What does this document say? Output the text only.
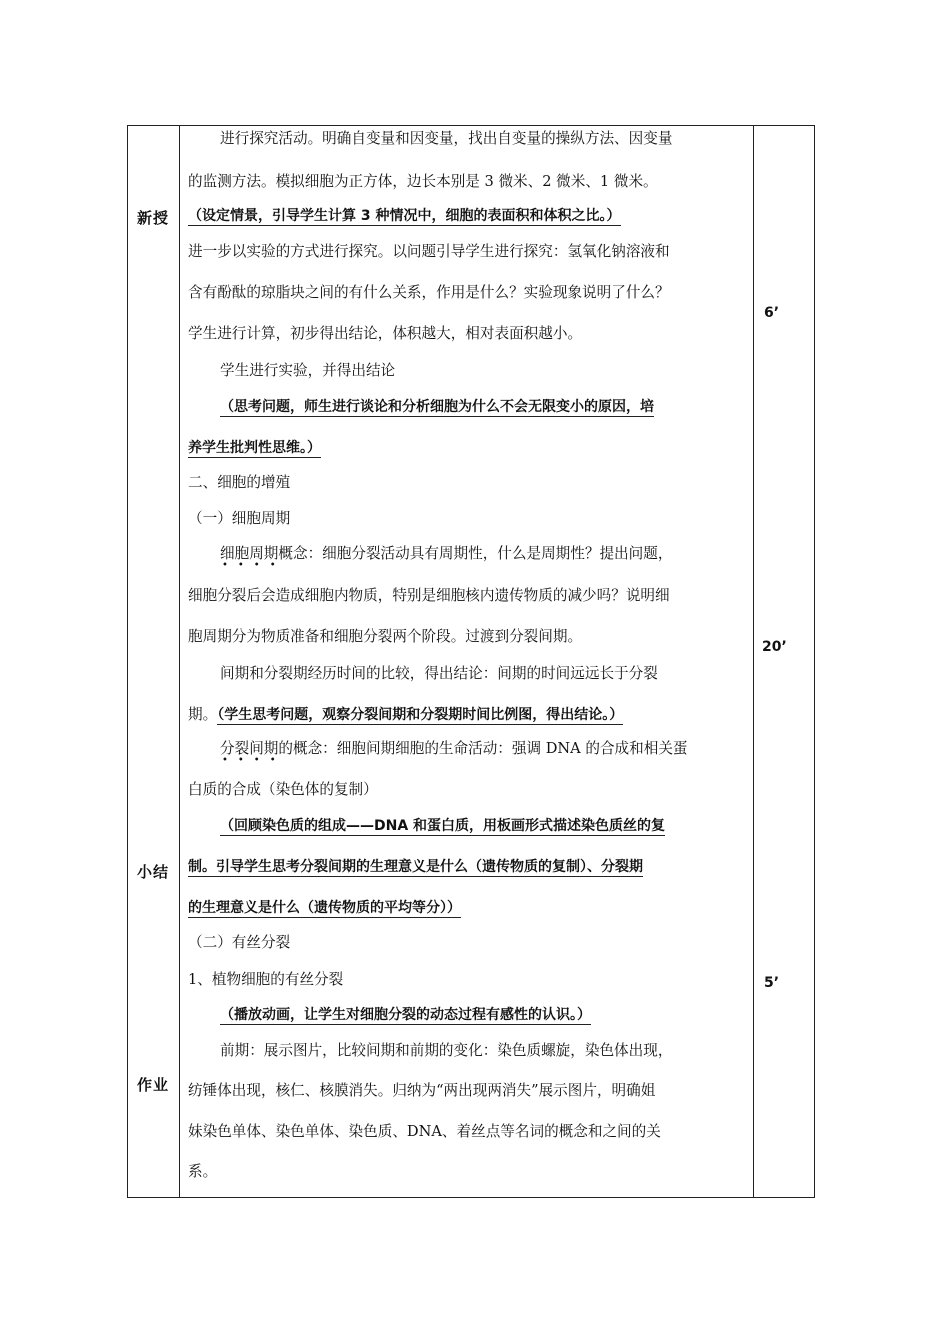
新授
小结
作业
6’
20’
5’
进行探究活动。明确自变量和因变量，找出自变量的操纵方法、因变量
的监测方法。模拟细胞为正方体，边长本别是 3 微米、2 微米、1 微米。
（设定情景，引导学生计算 3 种情况中，细胞的表面积和体积之比。）
进一步以实验的方式进行探究。以问题引导学生进行探究：氢氧化钠溶液和
含有酚酞的琼脂块之间的有什么关系，作用是什么？实验现象说明了什么？
学生进行计算，初步得出结论，体积越大，相对表面积越小。
学生进行实验，并得出结论
（思考问题，师生进行谈论和分析细胞为什么不会无限变小的原因，培
养学生批判性思维。）
二、细胞的增殖
（一）细胞周期
细胞周期概念：细胞分裂活动具有周期性，什么是周期性？提出问题，
••••
细胞分裂后会造成细胞内物质，特别是细胞核内遗传物质的减少吗？说明细
胞周期分为物质准备和细胞分裂两个阶段。过渡到分裂间期。
间期和分裂期经历时间的比较，得出结论：间期的时间远远长于分裂
期。（学生思考问题，观察分裂间期和分裂期时间比例图，得出结论。）
分裂间期的概念：细胞间期细胞的生命活动：强调 DNA 的合成和相关蛋
••••
白质的合成（染色体的复制）
（回顾染色质的组成——DNA 和蛋白质，用板画形式描述染色质丝的复
制。引导学生思考分裂间期的生理意义是什么（遗传物质的复制）、分裂期
的生理意义是什么（遗传物质的平均等分））
（二）有丝分裂
1、植物细胞的有丝分裂
（播放动画，让学生对细胞分裂的动态过程有感性的认识。）
前期：展示图片，比较间期和前期的变化：染色质螺旋，染色体出现，
纺锤体出现，核仁、核膜消失。归纳为“两出现两消失”展示图片，明确姐
妹染色单体、染色单体、染色质、DNA、着丝点等名词的概念和之间的关
系。
